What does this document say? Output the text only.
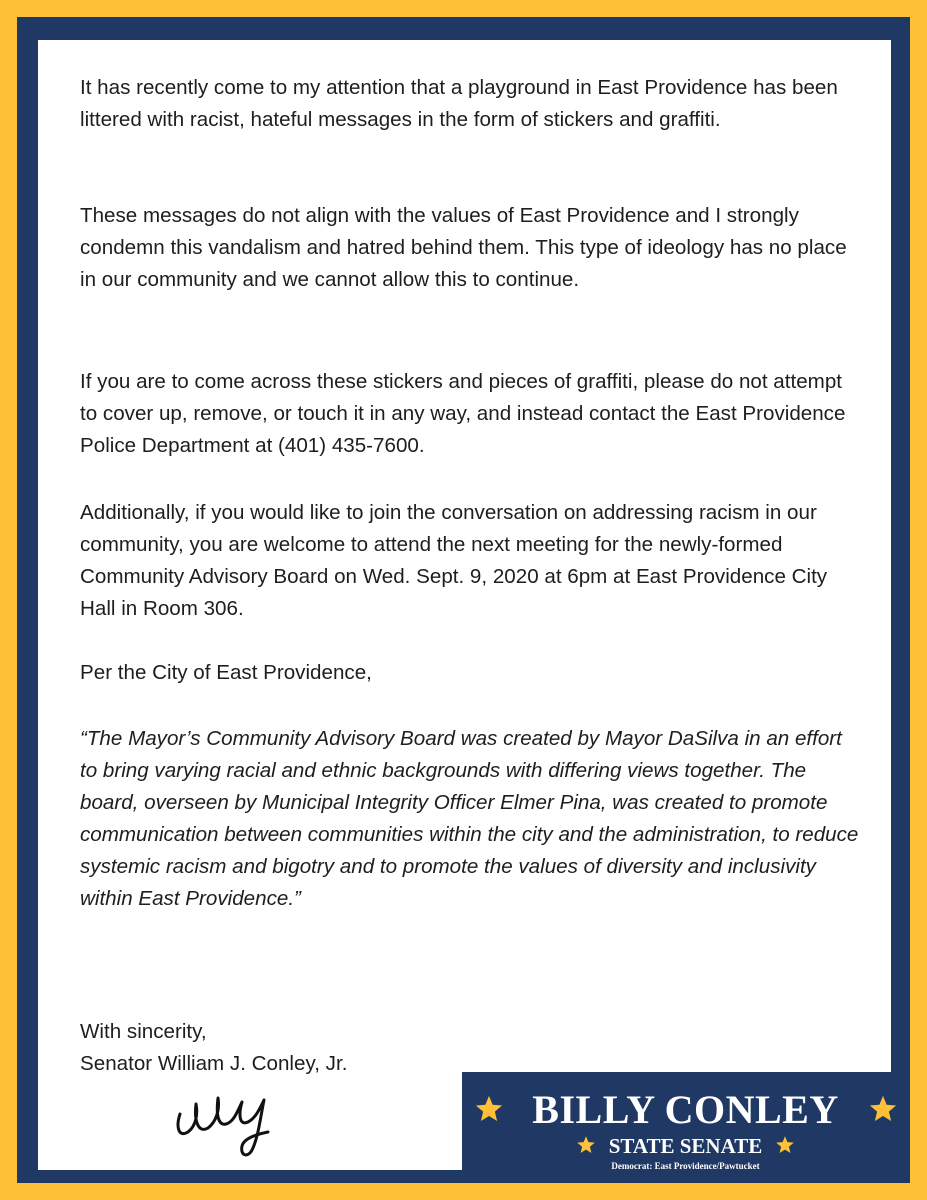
It has recently come to my attention that a playground in East Providence has been littered with racist, hateful messages in the form of stickers and graffiti.

These messages do not align with the values of East Providence and I strongly condemn this vandalism and hatred behind them. This type of ideology has no place in our community and we cannot allow this to continue.

If you are to come across these stickers and pieces of graffiti, please do not attempt to cover up, remove, or touch it in any way, and instead contact the East Providence Police Department at (401) 435-7600.

Additionally, if you would like to join the conversation on addressing racism in our community, you are welcome to attend the next meeting for the newly-formed Community Advisory Board on Wed. Sept. 9, 2020 at 6pm at East Providence City Hall in Room 306.

Per the City of East Providence,

“The Mayor’s Community Advisory Board was created by Mayor DaSilva in an effort to bring varying racial and ethnic backgrounds with differing views together. The board, overseen by Municipal Integrity Officer Elmer Pina, was created to promote communication between communities within the city and the administration, to reduce systemic racism and bigotry and to promote the values of diversity and inclusivity within East Providence.”

With sincerity,
Senator William J. Conley, Jr.
BILLY CONLEY
STATE SENATE
Democrat: East Providence/Pawtucket
